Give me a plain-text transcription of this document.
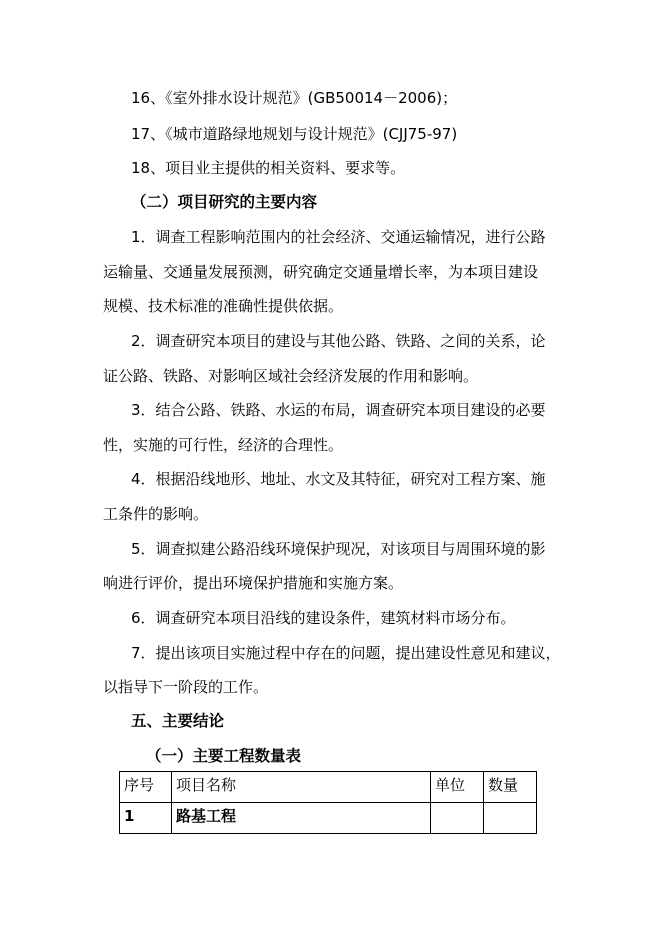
16、《室外排水设计规范》(GB50014－2006)；
17、《城市道路绿地规划与设计规范》(CJJ75-97)
18、项目业主提供的相关资料、要求等。
（二）项目研究的主要内容
1．调查工程影响范围内的社会经济、交通运输情况，进行公路
运输量、交通量发展预测，研究确定交通量增长率，为本项目建设
规模、技术标准的准确性提供依据。
2．调查研究本项目的建设与其他公路、铁路、之间的关系，论
证公路、铁路、对影响区域社会经济发展的作用和影响。
3．结合公路、铁路、水运的布局，调查研究本项目建设的必要
性，实施的可行性，经济的合理性。
4．根据沿线地形、地址、水文及其特征，研究对工程方案、施
工条件的影响。
5．调查拟建公路沿线环境保护现况，对该项目与周围环境的影
响进行评价，提出环境保护措施和实施方案。
6．调查研究本项目沿线的建设条件，建筑材料市场分布。
7．提出该项目实施过程中存在的问题，提出建设性意见和建议，
以指导下一阶段的工作。
五、主要结论
（一）主要工程数量表
序号	项目名称	单位	数量
1	路基工程		
